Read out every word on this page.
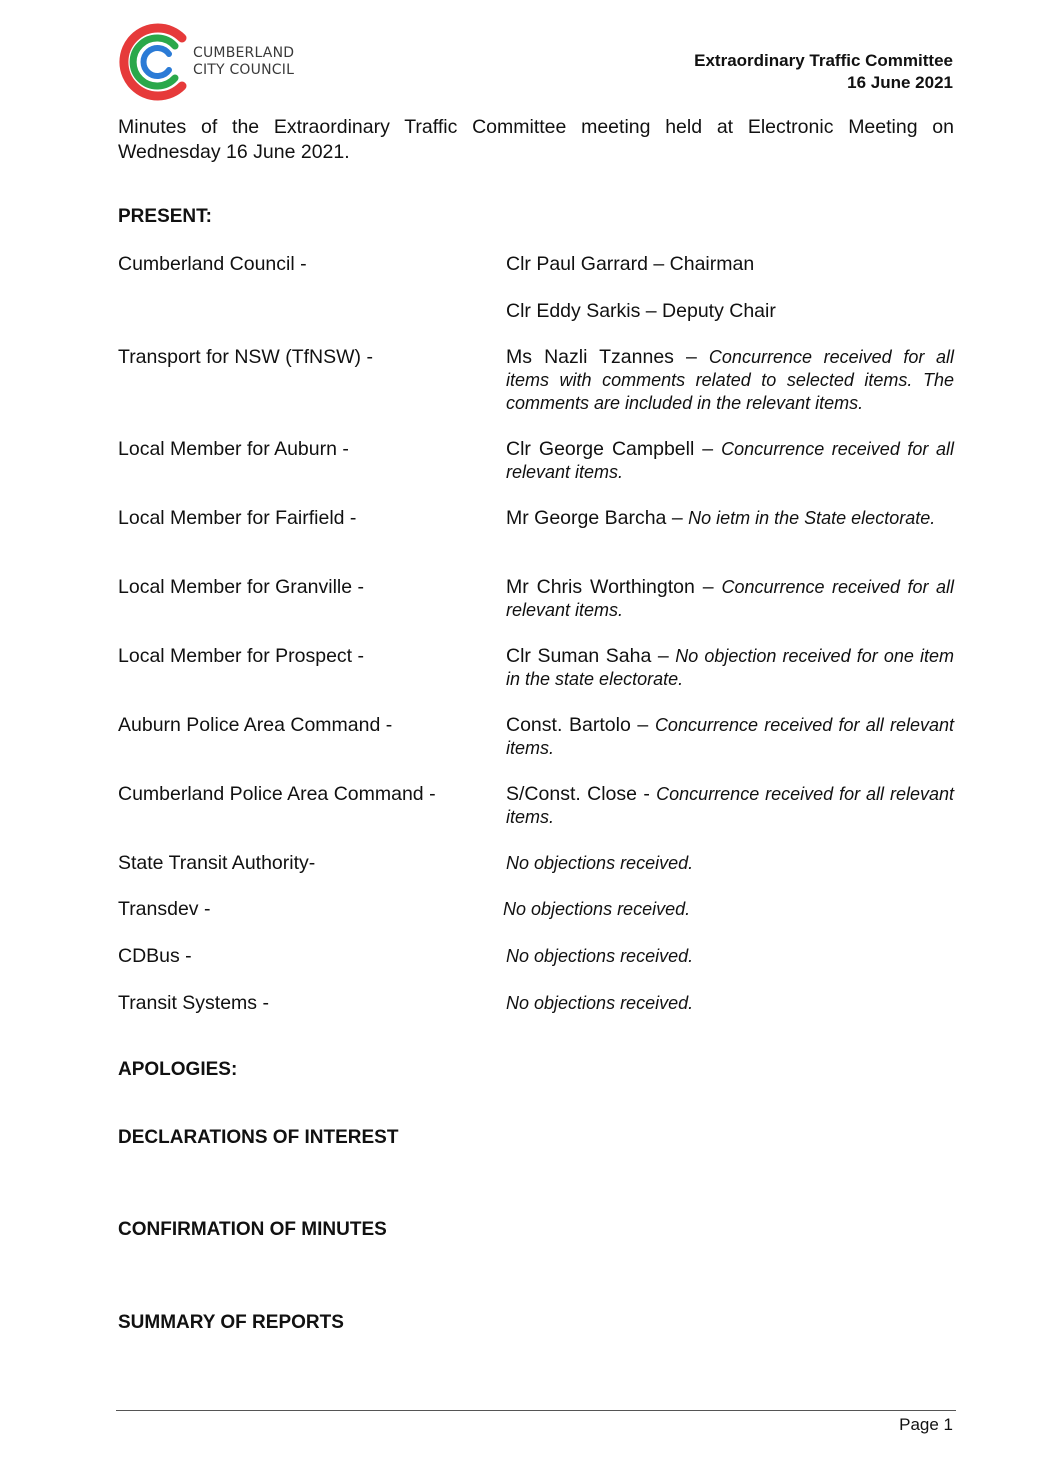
CUMBERLAND
CITY COUNCIL	Extraordinary Traffic Committee
16 June 2021
Minutes of the Extraordinary Traffic Committee meeting held at Electronic Meeting on Wednesday 16 June 2021.
PRESENT:
Cumberland Council -	Clr Paul Garrard – Chairman
Clr Eddy Sarkis – Deputy Chair
Transport for NSW (TfNSW) -	Ms Nazli Tzannes – Concurrence received for all items with comments related to selected items. The comments are included in the relevant items.
Local Member for Auburn -	Clr George Campbell – Concurrence received for all relevant items.
Local Member for Fairfield -	Mr George Barcha – No ietm in the State electorate.
Local Member for Granville -	Mr Chris Worthington – Concurrence received for all relevant items.
Local Member for Prospect -	Clr Suman Saha – No objection received for one item in the state electorate.
Auburn Police Area Command -	Const. Bartolo – Concurrence received for all relevant items.
Cumberland Police Area Command -	S/Const. Close - Concurrence received for all relevant items.
State Transit Authority-	No objections received.
Transdev -	No objections received.
CDBus -	No objections received.
Transit Systems -	No objections received.
APOLOGIES:
DECLARATIONS OF INTEREST
CONFIRMATION OF MINUTES
SUMMARY OF REPORTS
Page 1
